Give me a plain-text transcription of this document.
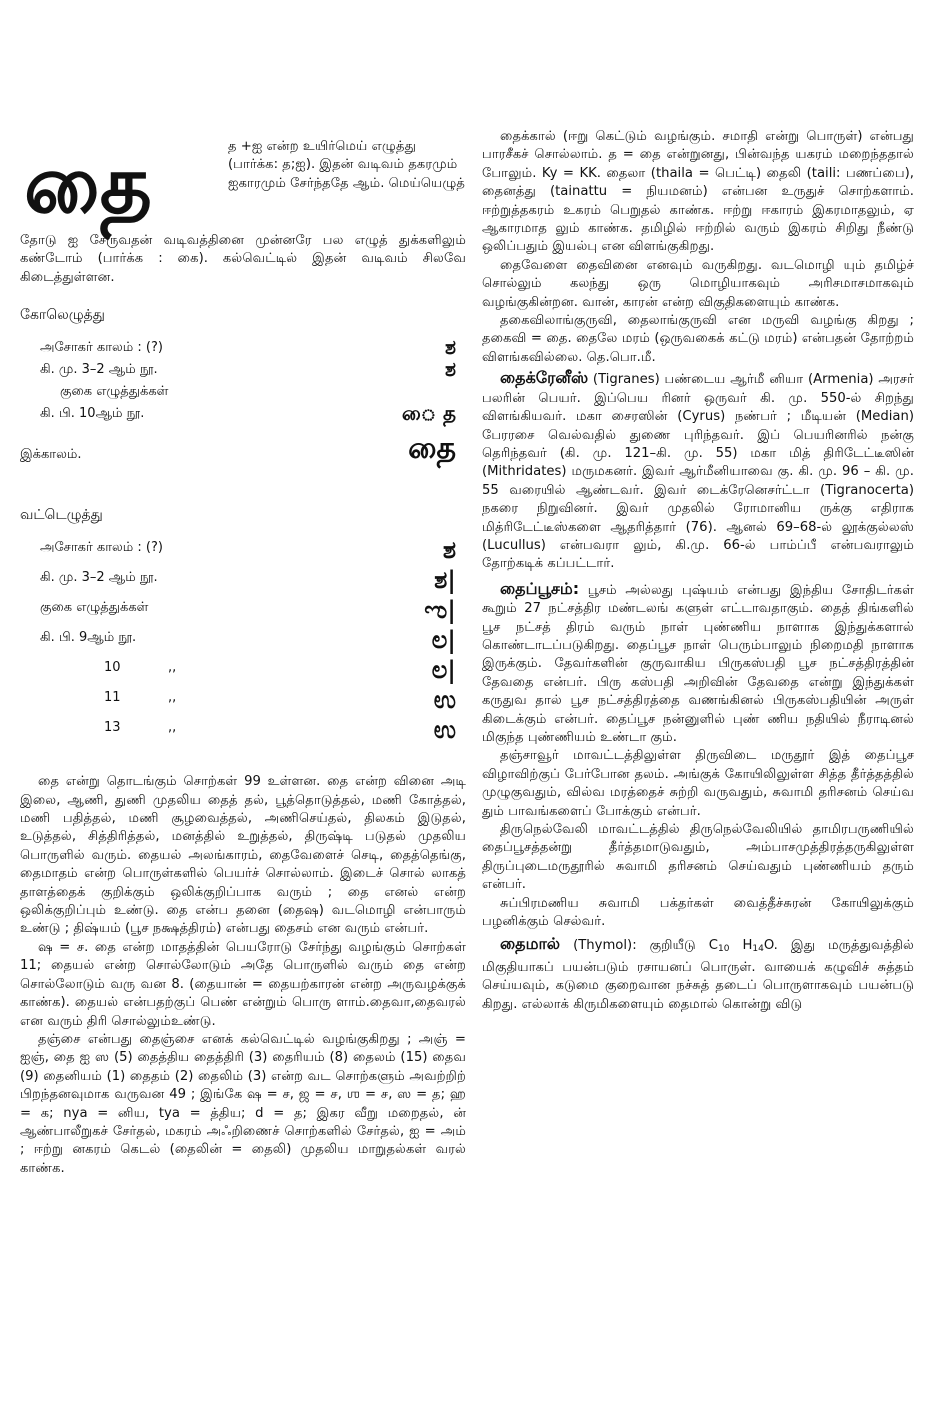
தை	த +ஐ என்ற உயிர்மெய் எழுத்து (பார்க்க: த;ஐ). இதன் வடிவம் தகரமும் ஐகாரமும் சேர்ந்ததே ஆம். மெய்யெழுத்

தோடு ஐ சேருவதன் வடிவத்தினை முன்னரே பல எழுத் துக்களிலும் கண்டோம் (பார்க்க : கை). கல்வெட்டில் இதன் வடிவம் சிலவே கிடைத்துள்ளன.

கோலெழுத்து
அசோகர் காலம் : (?)	ಶ
கி. மு. 3–2 ஆம் நூ.	ಶ
குகை எழுத்துக்கள்
கி. பி. 10ஆம் நூ.	ை த
இக்காலம்.	தை
வட்டெழுத்து
அசோகர் காலம் : (?)	ಶ
கி. மு. 3–2 ஆம் நூ.	ಶ|
குகை எழுத்துக்கள்	ಌ|
கி. பி. 9ஆம் நூ.	ಲ|
10	,,	ಲ|
11	,,	ಉ
13	,,	ಉ

தை என்று தொடங்கும் சொற்கள் 99 உள்ளன. தை என்ற வினை அடி இலை, ஆணி, துணி முதலிய தைத் தல், பூத்தொடுத்தல், மணி கோத்தல், மணி பதித்தல், மணி சூழவைத்தல், அணிசெய்தல், திலகம் இடுதல், உடுத்தல், சித்திரித்தல், மனத்தில் உறுத்தல், திருஷ்டி படுதல் முதலிய பொருளில் வரும். தையல் அலங்காரம், தைவேளைச் செடி, தைத்தெங்கு, தைமாதம் என்ற பொருள்களில் பெயர்ச் சொல்லாம். இடைச் சொல் லாகத் தாளத்தைக் குறிக்கும் ஒலிக்குறிப்பாக வரும் ; தை எனல் என்ற ஒலிக்குறிப்பும் உண்டு. தை என்ப தனை (தைஷ) வடமொழி என்பாரும் உண்டு ; திஷ்யம் (பூச நக்ஷத்திரம்) என்பது தைசம் என வரும் என்பர்.

ஷ = ச. தை என்ற மாதத்தின் பெயரோடு சேர்ந்து வழங்கும் சொற்கள் 11; தையல் என்ற சொல்லோடும் அதே பொருளில் வரும் தை என்ற சொல்லோடும் வரு வன 8. (தையான் = தையற்காரன் என்ற அருவழக்குக் காண்க). தையல் என்பதற்குப் பெண் என்றும் பொரு ளாம்.தைவா,தைவரல் என வரும் திரி சொல்லும்உண்டு.

தஞ்சை என்பது தைஞ்சை எனக் கல்வெட்டில் வழங்குகிறது ; அஞ் = ஐஞ், தை ஐ ஸ (5) தைத்திய தைத்திரி (3) தைரியம் (8) தைலம் (15) தைவ (9) தைனியம் (1) தைதம் (2) தைலிம் (3) என்ற வட சொற்களும் அவற்றிற் பிறந்தனவுமாக வருவன 49 ; இங்கே ஷ = ச, ஜ = ச, ஶ = ச, ஸ = த; ஹ = க; nya = னிய, tya = த்திய; d = த; இகர வீறு மறைதல், ன் ஆண்பாலீறுகச் சேர்தல், மகரம் அஃறிணைச் சொற்களில் சேர்தல், ஐ = அம் ; ஈற்று னகரம் கெடல் (தைலின் = தைலி) முதலிய மாறுதல்கள் வரல் காண்க.

தைக்கால் (ஈறு கெட்டும் வழங்கும். சமாதி என்று பொருள்) என்பது பாரசீகச் சொல்லாம். த = தை என்றுனது, பின்வந்த யகரம் மறைந்ததால் போலும். Ky = KK. தைலா (thaila = பெட்டி) தைலி (taili: பணப்பை), தைனத்து (tainattu = நியமனம்) என்பன உருதுச் சொற்களாம். ஈற்றுத்தகரம் உகரம் பெறுதல் காண்க. ஈற்று ஈகாரம் இகரமாதலும், ஏ ஆகாரமாத லும் காண்க. தமிழில் ஈற்றில் வரும் இகரம் சிறிது நீண்டு ஒலிப்பதும் இயல்பு என விளங்குகிறது.

தைவேளை தைவினை எனவும் வருகிறது. வடமொழி யும் தமிழ்ச் சொல்லும் கலந்து ஒரு மொழியாகவும் அரிசமாசமாகவும் வழங்குகின்றன. வான், காரன் என்ற விகுதிகளையும் காண்க.

தகைவிலாங்குருவி, தைலாங்குருவி என மருவி வழங்கு கிறது ; தகைவி = தை. தைலே மரம் (ஒருவகைக் கட்டு மரம்) என்பதன் தோற்றம் விளங்கவில்லை. தெ.பொ.மீ.

தைக்ரேனீஸ் (Tigranes) பண்டைய ஆர்மீ னியா (Armenia) அரசர் பலரின் பெயர். இப்பெய ரினர் ஒருவர் கி. மு. 550-ல் சிறந்து விளங்கியவர். மகா சைரஸின் (Cyrus) நண்பர் ; மீடியன் (Median) பேரரசை வெல்வதில் துணை புரிந்தவர். இப் பெயரினரில் நன்கு தெரிந்தவர் (கி. மு. 121–கி. மு. 55) மகா மித் திரிடேட்டீஸின் (Mithridates) மருமகனர். இவர் ஆர்மீனியாவை கு. கி. மு. 96 – கி. மு. 55 வரையில் ஆண்டவர். இவர் டைக்ரேனெசர்ட்டா (Tigranocerta) நகரை நிறுவினர். இவர் முதலில் ரோமானிய ருக்கு எதிராக மித்ரிடேட்டீஸ்களை ஆதரித்தார் (76). ஆனல் 69–68-ல் லூக்குல்லஸ் (Lucullus) என்பவரா லும், கி.மு. 66-ல் பாம்ப்பீ என்பவராலும் தோற்கடிக் கப்பட்டார்.

தைப்பூசம்: பூசம் அல்லது புஷ்யம் என்பது இந்திய சோதிடர்கள் கூறும் 27 நட்சத்திர மண்டலங் களுள் எட்டாவதாகும். தைத் திங்களில் பூச நட்சத் திரம் வரும் நாள் புண்ணிய நாளாக இந்துக்களால் கொண்டாடப்படுகிறது. தைப்பூச நாள் பெரும்பாலும் நிறைமதி நாளாக இருக்கும். தேவர்களின் குருவாகிய பிருகஸ்பதி பூச நட்சத்திரத்தின் தேவதை என்பர். பிரு கஸ்பதி அறிவின் தேவதை என்று இந்துக்கள் கருதுவ தால் பூச நட்சத்திரத்தை வணங்கினல் பிருகஸ்பதியின் அருள் கிடைக்கும் என்பர். தைப்பூச நன்னுளில் புண் ணிய நதியில் நீராடினல் மிகுந்த புண்ணியம் உண்டா கும்.

தஞ்சாவூர் மாவட்டத்திலுள்ள திருவிடை மருதூர் இத் தைப்பூச விழாவிற்குப் பேர்போன தலம். அங்குக் கோயிலிலுள்ள சித்த தீர்த்தத்தில் முழுகுவதும், வில்வ மரத்தைச் சுற்றி வருவதும், சுவாமி தரிசனம் செய்வ தும் பாவங்களைப் போக்கும் என்பர்.

திருநெல்வேலி மாவட்டத்தில் திருநெல்வேலியில் தாமிரபருணியில் தைப்பூசத்தன்று தீர்த்தமாடுவதும், அம்பாசமுத்திரத்தருகிலுள்ள திருப்புடைமருதூரில் சுவாமி தரிசனம் செய்வதும் புண்ணியம் தரும் என்பர்.

சுப்பிரமணிய சுவாமி பக்தர்கள் வைத்தீச்சுரன் கோயிலுக்கும் பழனிக்கும் செல்வர்.

தைமால் (Thymol): குறியீடு $C_{10}$ $H_{14}O$. இது மருத்துவத்தில் மிகுதியாகப் பயன்படும் ரசாயனப் பொருள். வாயைக் கழுவிச் சுத்தம் செய்யவும், கடுமை குறைவான நச்சுத் தடைப் பொருளாகவும் பயன்படு கிறது. எல்லாக் கிருமிகளையும் தைமால் கொன்று விடு
